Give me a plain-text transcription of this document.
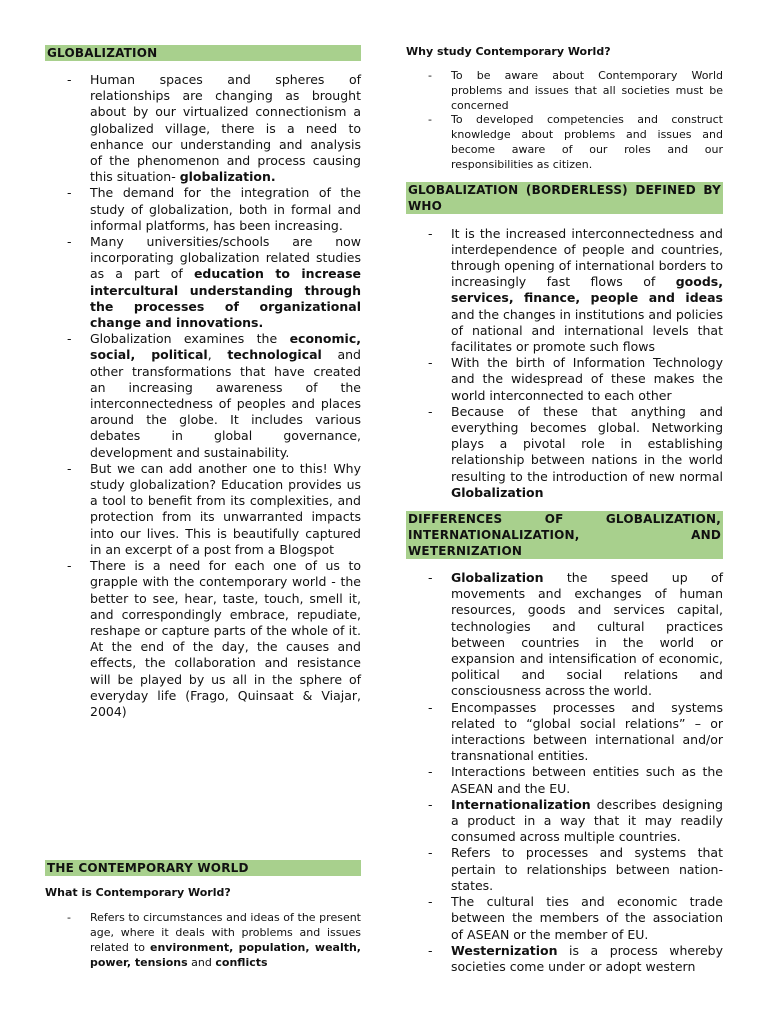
GLOBALIZATION
- Human spaces and spheres of relationships are changing as brought about by our virtualized connectionism a globalized village, there is a need to enhance our understanding and analysis of the phenomenon and process causing this situation- globalization.
- The demand for the integration of the study of globalization, both in formal and informal platforms, has been increasing.
- Many universities/schools are now incorporating globalization related studies as a part of education to increase intercultural understanding through the processes of organizational change and innovations.
- Globalization examines the economic, social, political, technological and other transformations that have created an increasing awareness of the interconnectedness of peoples and places around the globe. It includes various debates in global governance, development and sustainability.
- But we can add another one to this! Why study globalization? Education provides us a tool to benefit from its complexities, and protection from its unwarranted impacts into our lives. This is beautifully captured in an excerpt of a post from a Blogspot
- There is a need for each one of us to grapple with the contemporary world - the better to see, hear, taste, touch, smell it, and correspondingly embrace, repudiate, reshape or capture parts of the whole of it. At the end of the day, the causes and effects, the collaboration and resistance will be played by us all in the sphere of everyday life (Frago, Quinsaat & Viajar, 2004)
THE CONTEMPORARY WORLD

What is Contemporary World?

- Refers to circumstances and ideas of the present age, where it deals with problems and issues related to environment, population, wealth, power, tensions and conflicts

Why study Contemporary World?

- To be aware about Contemporary World problems and issues that all societies must be concerned
- To developed competencies and construct knowledge about problems and issues and become aware of our roles and our responsibilities as citizen.
GLOBALIZATION (BORDERLESS) DEFINED BY WHO
- It is the increased interconnectedness and interdependence of people and countries, through opening of international borders to increasingly fast flows of goods, services, finance, people and ideas and the changes in institutions and policies of national and international levels that facilitates or promote such flows
- With the birth of Information Technology and the widespread of these makes the world interconnected to each other
- Because of these that anything and everything becomes global. Networking plays a pivotal role in establishing relationship between nations in the world resulting to the introduction of new normal Globalization
DIFFERENCES OF GLOBALIZATION, INTERNATIONALIZATION, AND WETERNIZATION
- Globalization the speed up of movements and exchanges of human resources, goods and services capital, technologies and cultural practices between countries in the world or expansion and intensification of economic, political and social relations and consciousness across the world.
- Encompasses processes and systems related to “global social relations” – or interactions between international and/or transnational entities.
- Interactions between entities such as the ASEAN and the EU.
- Internationalization describes designing a product in a way that it may readily consumed across multiple countries.
- Refers to processes and systems that pertain to relationships between nation-states.
- The cultural ties and economic trade between the members of the association of ASEAN or the member of EU.
- Westernization is a process whereby societies come under or adopt western
